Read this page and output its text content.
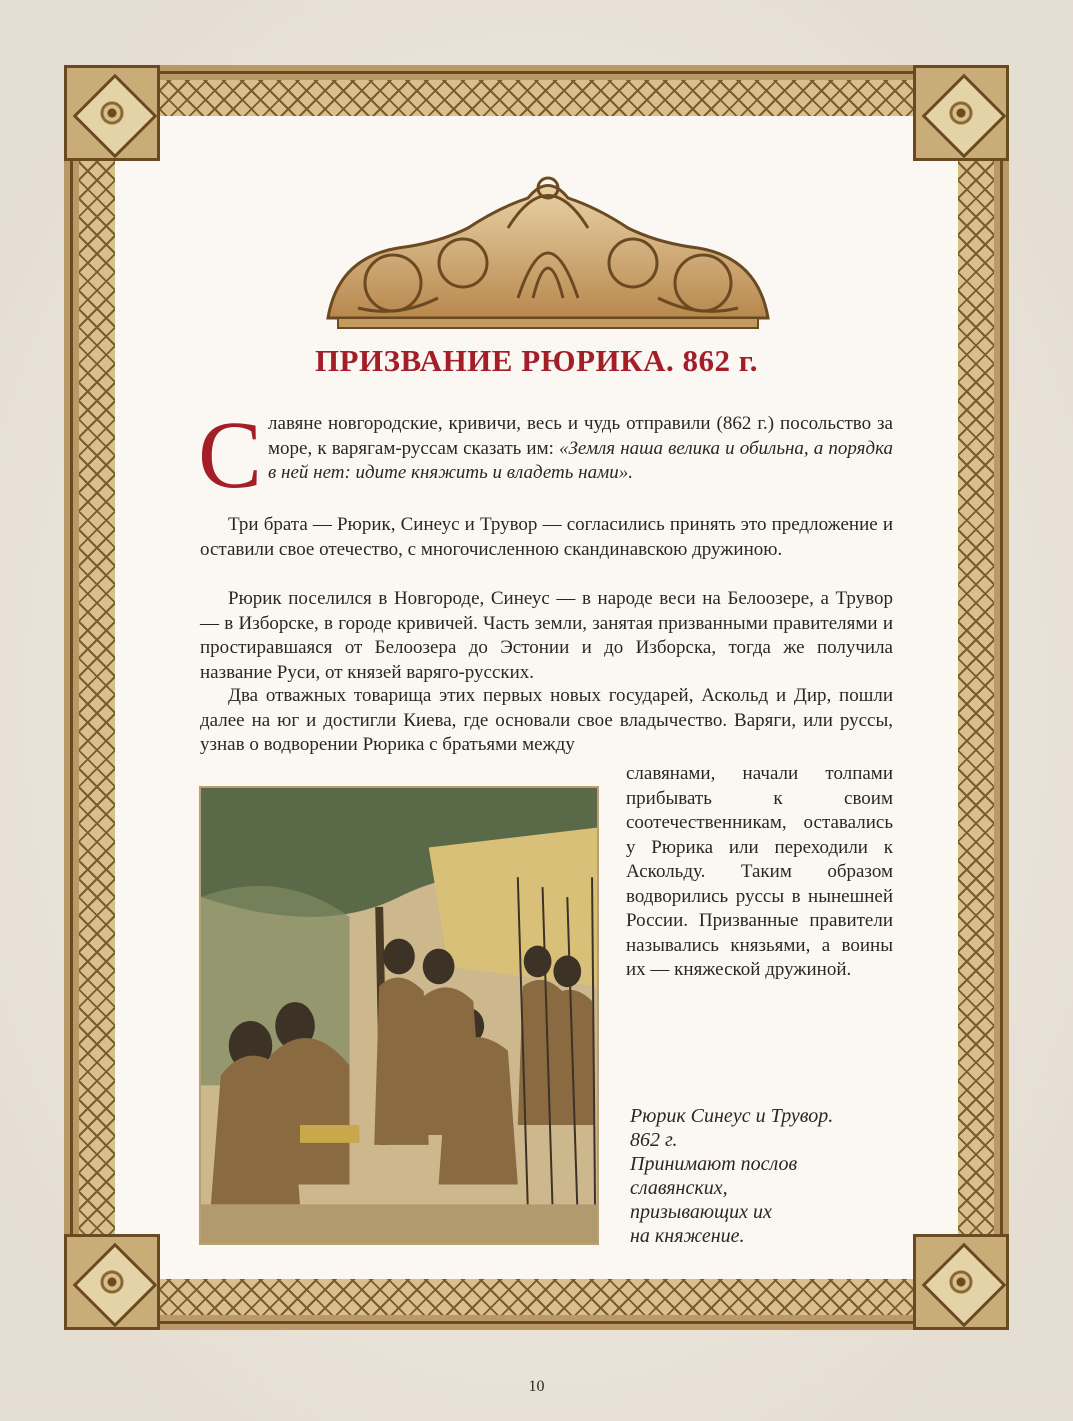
ПРИЗВАНИЕ РЮРИКА. 862 г.
Славяне новгородские, кривичи, весь и чудь отправили (862 г.) посольство за море, к варягам-руссам сказать им: «Земля наша велика и обильна, а порядка в ней нет: идите княжить и владеть нами».
Три брата — Рюрик, Синеус и Трувор — согласились принять это предложение и оставили свое отечество, с многочисленною скандинавскою дружиною.
Рюрик поселился в Новгороде, Синеус — в народе веси на Белоозере, а Трувор — в Изборске, в городе кривичей. Часть земли, занятая призванными правителями и простиравшаяся от Белоозера до Эстонии и до Изборска, тогда же получила название Руси, от князей варяго-русских.
Два отважных товарища этих первых новых государей, Аскольд и Дир, пошли далее на юг и достигли Киева, где основали свое владычество. Варяги, или руссы, узнав о водворении Рюрика с братьями между
славянами, начали толпами прибывать к своим соотечественникам, оставались у Рюрика или переходили к Аскольду. Таким образом водворились руссы в нынешней России. Призванные правители назывались князьями, а воины их — княжеской дружиной.
Рюрик Синеус и Трувор.
862 г.
Принимают послов
славянских,
призывающих их
на княжение.
10
